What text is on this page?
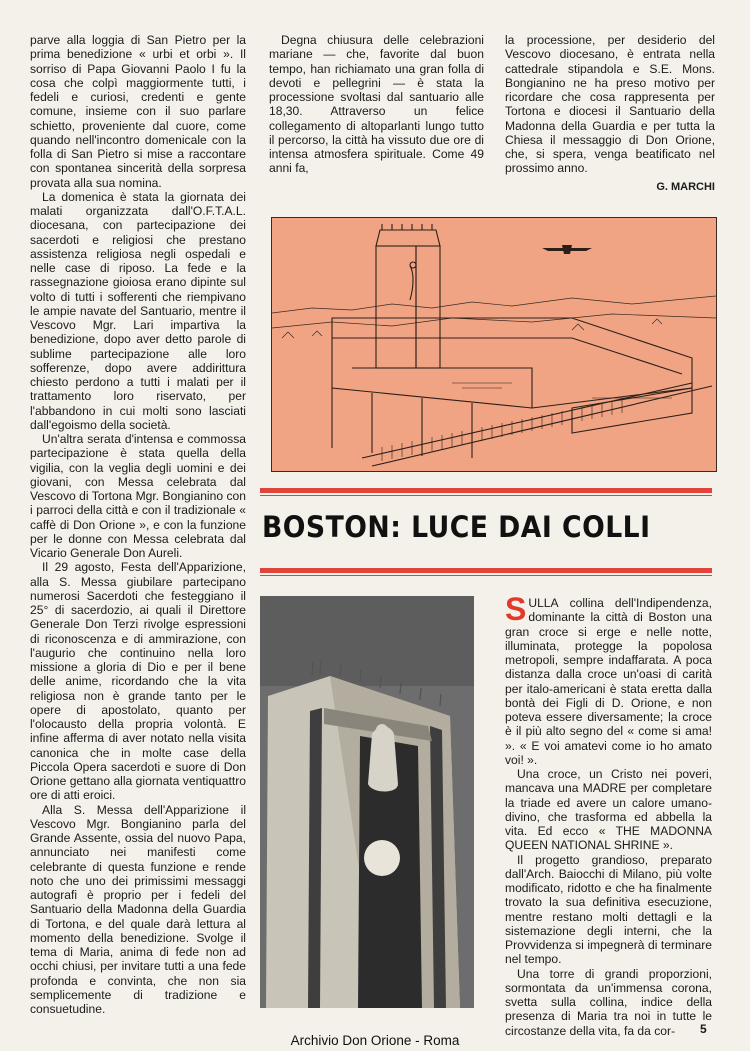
parve alla loggia di San Pietro per la prima benedizione « urbi et orbi ». Il sorriso di Papa Giovanni Paolo I fu la cosa che colpì maggiormente tutti, i fedeli e curiosi, credenti e gente comune, insieme con il suo parlare schietto, proveniente dal cuore, come quando nell'incontro domenicale con la folla di San Pietro si mise a raccontare con spontanea sincerità della sorpresa provata alla sua nomina.

La domenica è stata la giornata dei malati organizzata dall'O.F.T.A.L. diocesana, con partecipazione dei sacerdoti e religiosi che prestano assistenza religiosa negli ospedali e nelle case di riposo. La fede e la rassegnazione gioiosa erano dipinte sul volto di tutti i sofferenti che riempivano le ampie navate del Santuario, mentre il Vescovo Mgr. Lari impartiva la benedizione, dopo aver detto parole di sublime partecipazione alle loro sofferenze, dopo avere addirittura chiesto perdono a tutti i malati per il trattamento loro riservato, per l'abbandono in cui molti sono lasciati dall'egoismo della società.

Un'altra serata d'intensa e commossa partecipazione è stata quella della vigilia, con la veglia degli uomini e dei giovani, con Messa celebrata dal Vescovo di Tortona Mgr. Bongianino con i parroci della città e con il tradizionale « caffè di Don Orione », e con la funzione per le donne con Messa celebrata dal Vicario Generale Don Aureli.

Il 29 agosto, Festa dell'Apparizione, alla S. Messa giubilare partecipano numerosi Sacerdoti che festeggiano il 25° di sacerdozio, ai quali il Direttore Generale Don Terzi rivolge espressioni di riconoscenza e di ammirazione, con l'augurio che continuino nella loro missione a gloria di Dio e per il bene delle anime, ricordando che la vita religiosa non è grande tanto per le opere di apostolato, quanto per l'olocausto della propria volontà. E infine afferma di aver notato nella visita canonica che in molte case della Piccola Opera sacerdoti e suore di Don Orione gettano alla giornata ventiquattro ore di atti eroici.

Alla S. Messa dell'Apparizione il Vescovo Mgr. Bongianino parla del Grande Assente, ossia del nuovo Papa, annunciato nei manifesti come celebrante di questa funzione e rende noto che uno dei primissimi messaggi autografi è proprio per i fedeli del Santuario della Madonna della Guardia di Tortona, e del quale darà lettura al momento della benedizione. Svolge il tema di Maria, anima di fede non ad occhi chiusi, per invitare tutti a una fede profonda e convinta, che non sia semplicemente di tradizione e consuetudine.

Degna chiusura delle celebrazioni mariane — che, favorite dal buon tempo, han richiamato una gran folla di devoti e pellegrini — è stata la processione svoltasi dal santuario alle 18,30. Attraverso un felice collegamento di altoparlanti lungo tutto il percorso, la città ha vissuto due ore di intensa atmosfera spirituale. Come 49 anni fa,

la processione, per desiderio del Vescovo diocesano, è entrata nella cattedrale stipandola e S.E. Mons. Bongianino ne ha preso motivo per ricordare che cosa rappresenta per Tortona e diocesi il Santuario della Madonna della Guardia e per tutta la Chiesa il messaggio di Don Orione, che, si spera, venga beatificato nel prossimo anno.

G. MARCHI
BOSTON: LUCE DAI COLLI

SULLA collina dell'Indipendenza, dominante la città di Boston una gran croce si erge e nelle notte, illuminata, protegge la popolosa metropoli, sempre indaffarata. A poca distanza dalla croce un'oasi di carità per italo-americani è stata eretta dalla bontà dei Figli di D. Orione, e non poteva essere diversamente; la croce è il più alto segno del « come si ama! ». « E voi amatevi come io ho amato voi! ».

Una croce, un Cristo nei poveri, mancava una MADRE per completare la triade ed avere un calore umano-divino, che trasforma ed abbella la vita. Ed ecco « THE MADONNA QUEEN NATIONAL SHRINE ».

Il progetto grandioso, preparato dall'Arch. Baiocchi di Milano, più volte modificato, ridotto e che ha finalmente trovato la sua definitiva esecuzione, mentre restano molti dettagli e la sistemazione degli interni, che la Provvidenza si impegnerà di terminare nel tempo.

Una torre di grandi proporzioni, sormontata da un'immensa corona, svetta sulla collina, indice della presenza di Maria tra noi in tutte le circostanze della vita, fa da cor-	5
Archivio Don Orione - Roma
